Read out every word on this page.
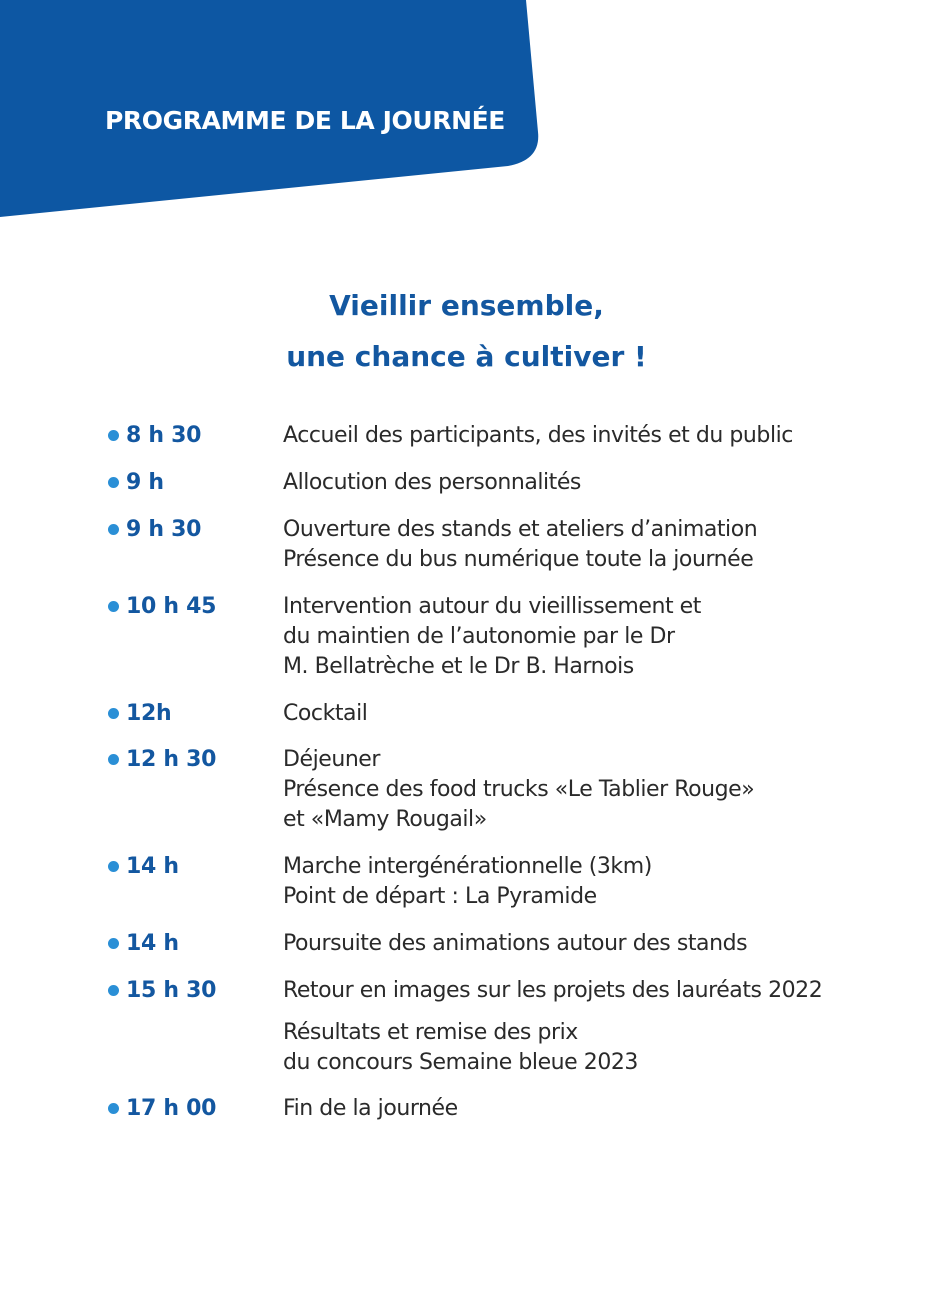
PROGRAMME DE LA JOURNÉE
Vieillir ensemble,
une chance à cultiver !
8 h 30	Accueil des participants, des invités et du public
9 h	Allocution des personnalités
9 h 30	Ouverture des stands et ateliers d’animation
Présence du bus numérique toute la journée
10 h 45	Intervention autour du vieillissement et
du maintien de l’autonomie par le Dr
M. Bellatrèche et le Dr B. Harnois
12h	Cocktail
12 h 30	Déjeuner
Présence des food trucks «Le Tablier Rouge»
et «Mamy Rougail»
14 h	Marche intergénérationnelle (3km)
Point de départ : La Pyramide
14 h	Poursuite des animations autour des stands
15 h 30	Retour en images sur les projets des lauréats 2022
Résultats et remise des prix
du concours Semaine bleue 2023
17 h 00	Fin de la journée
